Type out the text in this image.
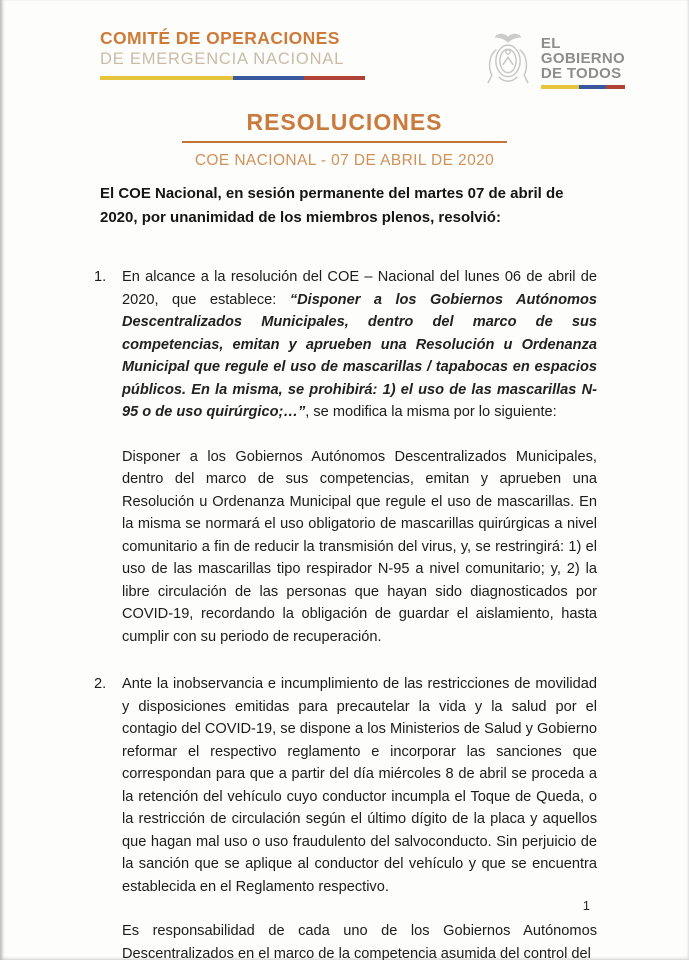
COMITÉ DE OPERACIONES
DE EMERGENCIA NACIONAL
EL
GOBIERNO
DE TODOS
RESOLUCIONES
COE NACIONAL - 07 DE ABRIL DE 2020

El COE Nacional, en sesión permanente del martes 07 de abril de 2020, por unanimidad de los miembros plenos, resolvió:

1.	En alcance a la resolución del COE – Nacional del lunes 06 de abril de 2020, que establece: “Disponer a los Gobiernos Autónomos Descentralizados Municipales, dentro del marco de sus competencias, emitan y aprueben una Resolución u Ordenanza Municipal que regule el uso de mascarillas / tapabocas en espacios públicos. En la misma, se prohibirá: 1) el uso de las mascarillas N-95 o de uso quirúrgico;…”, se modifica la misma por lo siguiente:

Disponer a los Gobiernos Autónomos Descentralizados Municipales, dentro del marco de sus competencias, emitan y aprueben una Resolución u Ordenanza Municipal que regule el uso de mascarillas. En la misma se normará el uso obligatorio de mascarillas quirúrgicas a nivel comunitario a fin de reducir la transmisión del virus, y, se restringirá: 1) el uso de las mascarillas tipo respirador N-95 a nivel comunitario; y, 2) la libre circulación de las personas que hayan sido diagnosticados por COVID-19, recordando la obligación de guardar el aislamiento, hasta cumplir con su periodo de recuperación.

2.	Ante la inobservancia e incumplimiento de las restricciones de movilidad y disposiciones emitidas para precautelar la vida y la salud por el contagio del COVID-19, se dispone a los Ministerios de Salud y Gobierno reformar el respectivo reglamento e incorporar las sanciones que correspondan para que a partir del día miércoles 8 de abril se proceda a la retención del vehículo cuyo conductor incumpla el Toque de Queda, o la restricción de circulación según el último dígito de la placa y aquellos que hagan mal uso o uso fraudulento del salvoconducto. Sin perjuicio de la sanción que se aplique al conductor del vehículo y que se encuentra establecida en el Reglamento respectivo.

Es responsabilidad de cada uno de los Gobiernos Autónomos Descentralizados en el marco de la competencia asumida del control del

1
